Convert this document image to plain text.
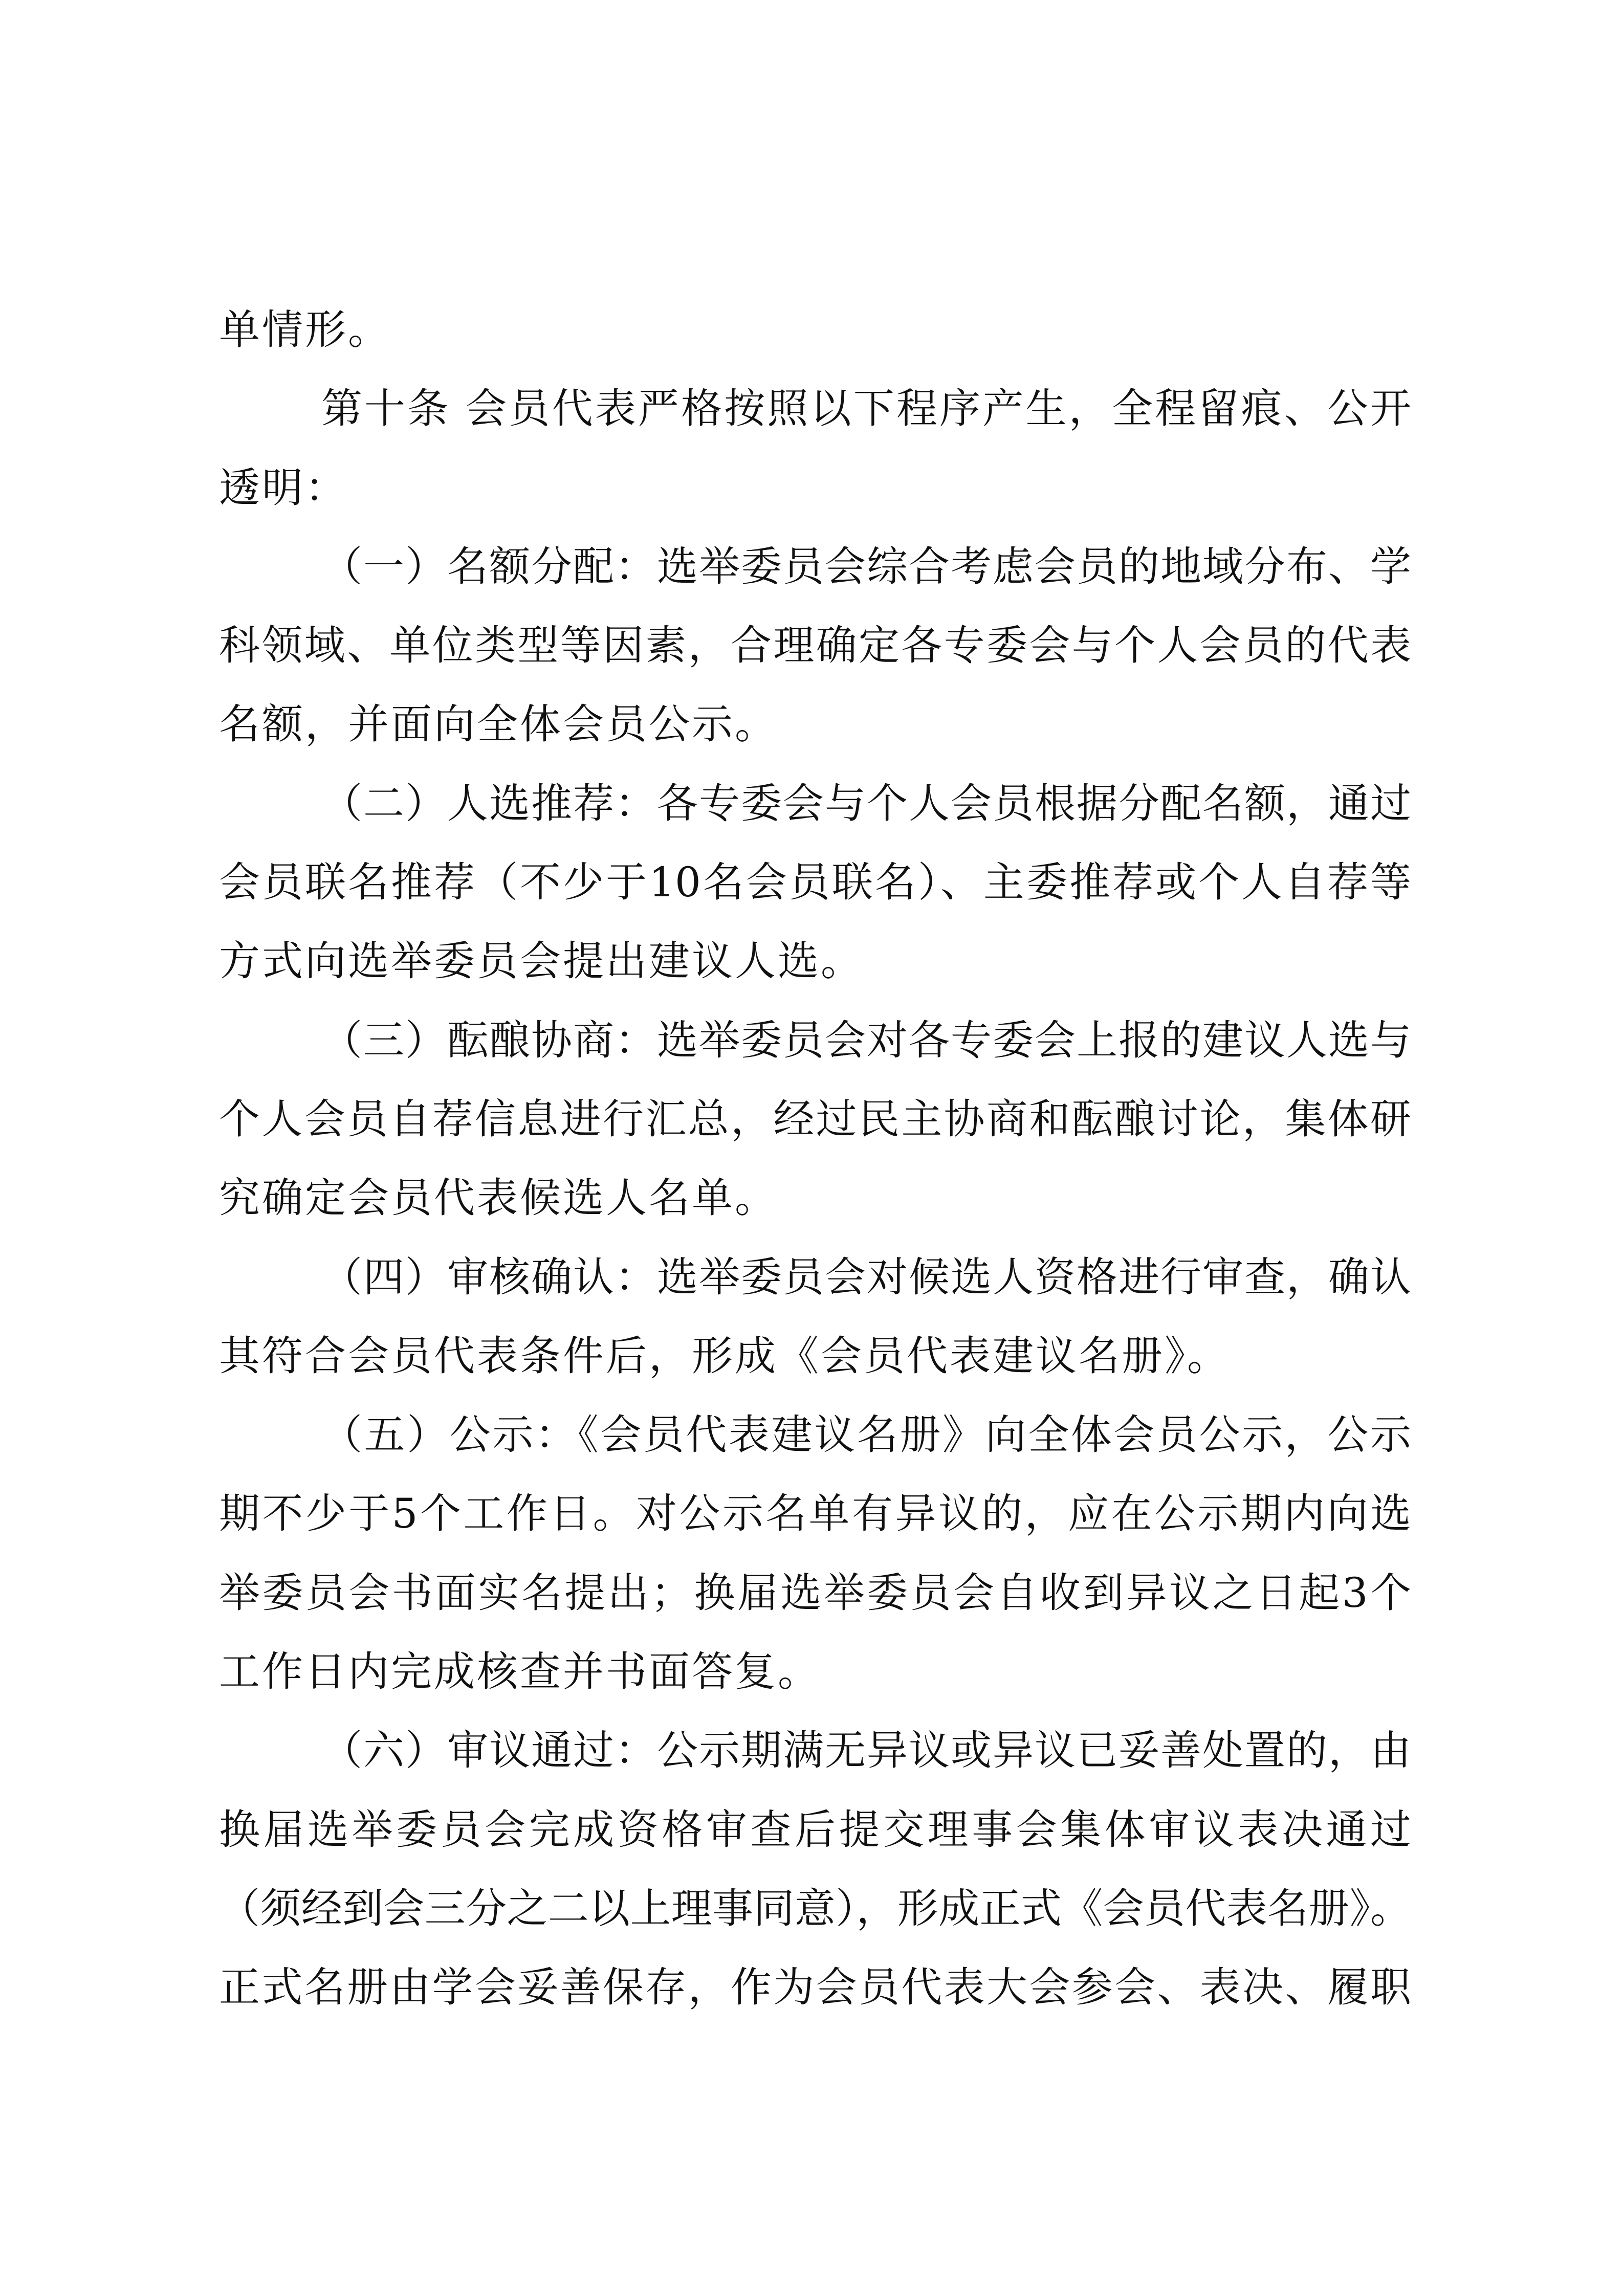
单情形。
第十条 会员代表严格按照以下程序产生，全程留痕、公开
透明：
（一）名额分配：选举委员会综合考虑会员的地域分布、学
科领域、单位类型等因素，合理确定各专委会与个人会员的代表
名额，并面向全体会员公示。
（二）人选推荐：各专委会与个人会员根据分配名额，通过
会员联名推荐（不少于10名会员联名）、主委推荐或个人自荐等
方式向选举委员会提出建议人选。
（三）酝酿协商：选举委员会对各专委会上报的建议人选与
个人会员自荐信息进行汇总，经过民主协商和酝酿讨论，集体研
究确定会员代表候选人名单。
（四）审核确认：选举委员会对候选人资格进行审查，确认
其符合会员代表条件后，形成《会员代表建议名册》。
（五）公示：《会员代表建议名册》向全体会员公示，公示
期不少于5个工作日。对公示名单有异议的，应在公示期内向选
举委员会书面实名提出；换届选举委员会自收到异议之日起3个
工作日内完成核查并书面答复。
（六）审议通过：公示期满无异议或异议已妥善处置的，由
换届选举委员会完成资格审查后提交理事会集体审议表决通过
（须经到会三分之二以上理事同意），形成正式《会员代表名册》。
正式名册由学会妥善保存，作为会员代表大会参会、表决、履职
